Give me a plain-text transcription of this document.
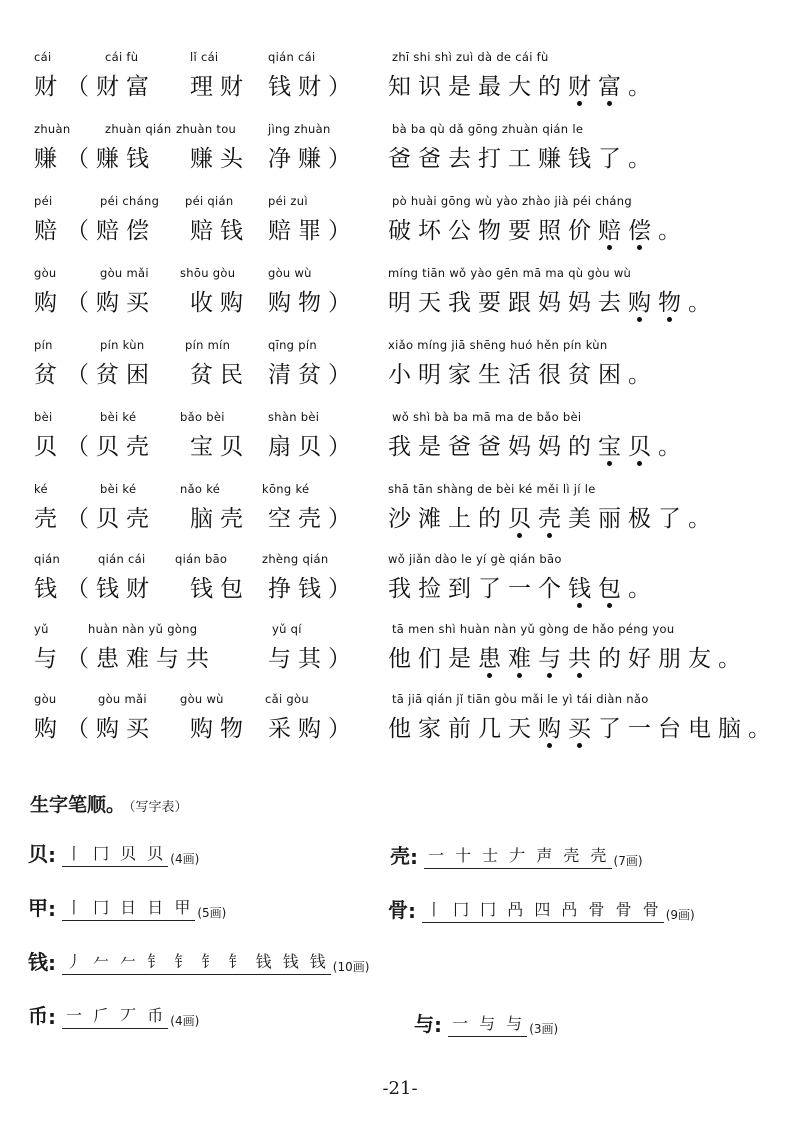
cái	cái fù	lǐ cái	qián cái	zhī shi shì zuì dà de cái fù
财 （财富 理财 钱财） 知识是最大的财富。
zhuàn	zhuàn qián zhuàn tou	jìng zhuàn	bà ba qù dǎ gōng zhuàn qián le
赚 （赚钱 赚头 净赚） 爸爸去打工赚钱了。
péi	péi cháng péi qián	péi zuì	pò huài gōng wù yào zhào jià péi cháng
赔 （赔偿 赔钱 赔罪） 破坏公物要照价赔偿。
gòu	gòu mǎi	shōu gòu	gòu wù	míng tiān wǒ yào gēn mā ma qù gòu wù
购 （购买 收购 购物） 明天我要跟妈妈去购物。
pín	pín kùn	pín mín	qīng pín	xiǎo míng jiā shēng huó hěn pín kùn
贫 （贫困 贫民 清贫） 小明家生活很贫困。
bèi	bèi ké	bǎo bèi	shàn bèi	wǒ shì bà ba mā ma de bǎo bèi
贝 （贝壳 宝贝 扇贝） 我是爸爸妈妈的宝贝。
ké	bèi ké	nǎo ké	kōng ké	shā tān shàng de bèi ké měi lì jí le
壳 （贝壳 脑壳 空壳） 沙滩上的贝壳美丽极了。
qián	qián cái	qián bāo	zhèng qián	wǒ jiǎn dào le yí gè qián bāo
钱 （钱财 钱包 挣钱） 我捡到了一个钱包。
yǔ	huàn nàn yǔ gòng	yǔ qí	tā men shì huàn nàn yǔ gòng de hǎo péng you
与 （患难与共 与其） 他们是患难与共的好朋友。
gòu	gòu mǎi	gòu wù	cǎi gòu	tā jiā qián jǐ tiān gòu mǎi le yì tái diàn nǎo
购 （购买 购物 采购） 他家前几天购买了一台电脑。
生字笔顺。 （写字表）
贝: 丨 冂 贝 贝 (4画)	壳: 一 十 士 𠂇 声 壳 壳 (7画)
甲: 丨 冂 日 日 甲 (5画)	骨: 丨 冂 冂 冎 四 冎 骨 骨 骨 (9画)
钱: 丿 𠂉 𠂉 钅 钅 钅 钅 钱 钱 钱 (10画)
币: 一 𠂆 丆 币 (4画)	与: 一 与 与 (3画)
-21-
